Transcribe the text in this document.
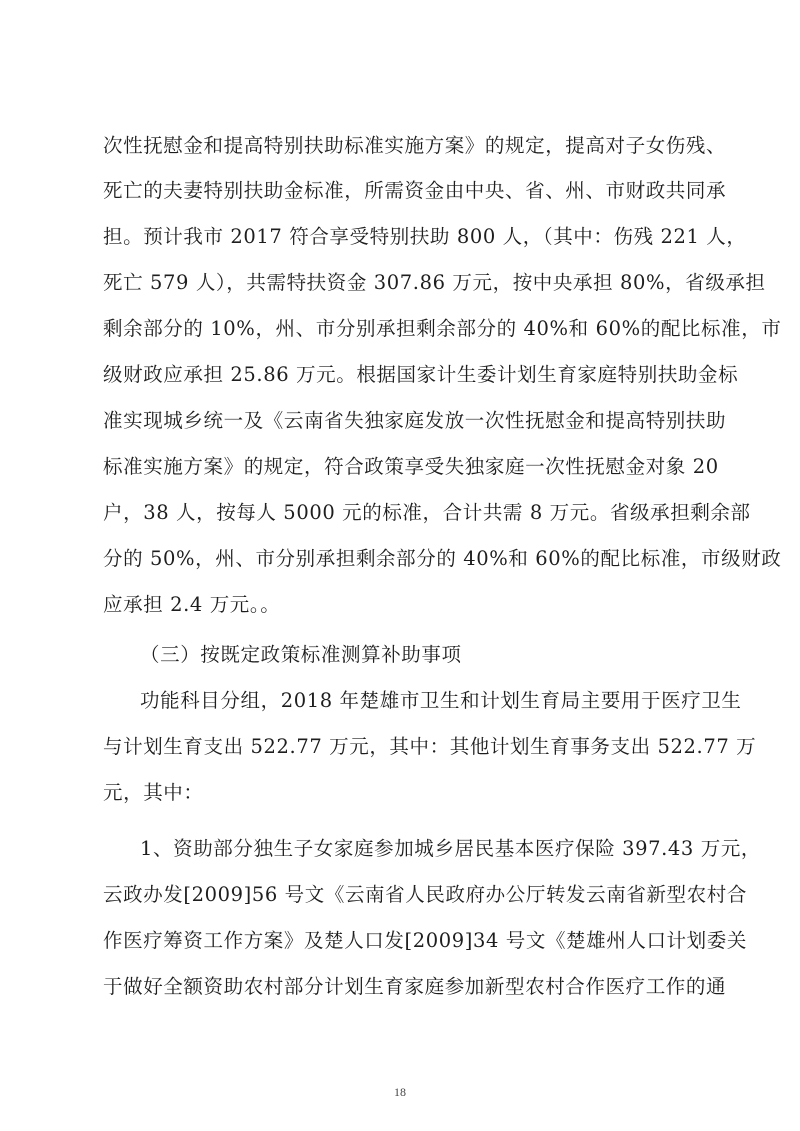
次性抚慰金和提高特别扶助标准实施方案》的规定，提高对子女伤残、
死亡的夫妻特别扶助金标准，所需资金由中央、省、州、市财政共同承
担。预计我市 2017 符合享受特别扶助 800 人，（其中：伤残 221 人，
死亡 579 人），共需特扶资金 307.86 万元，按中央承担 80%，省级承担
剩余部分的 10%，州、市分别承担剩余部分的 40%和 60%的配比标准，市
级财政应承担 25.86 万元。根据国家计生委计划生育家庭特别扶助金标
准实现城乡统一及《云南省失独家庭发放一次性抚慰金和提高特别扶助
标准实施方案》的规定，符合政策享受失独家庭一次性抚慰金对象 20
户，38 人，按每人 5000 元的标准，合计共需 8 万元。省级承担剩余部
分的 50%，州、市分别承担剩余部分的 40%和 60%的配比标准，市级财政
应承担 2.4 万元。。
（三）按既定政策标准测算补助事项
功能科目分组，2018 年楚雄市卫生和计划生育局主要用于医疗卫生
与计划生育支出 522.77 万元，其中：其他计划生育事务支出 522.77 万
元，其中：
1、资助部分独生子女家庭参加城乡居民基本医疗保险 397.43 万元，
云政办发[2009]56 号文《云南省人民政府办公厅转发云南省新型农村合
作医疗筹资工作方案》及楚人口发[2009]34 号文《楚雄州人口计划委关
于做好全额资助农村部分计划生育家庭参加新型农村合作医疗工作的通
18
